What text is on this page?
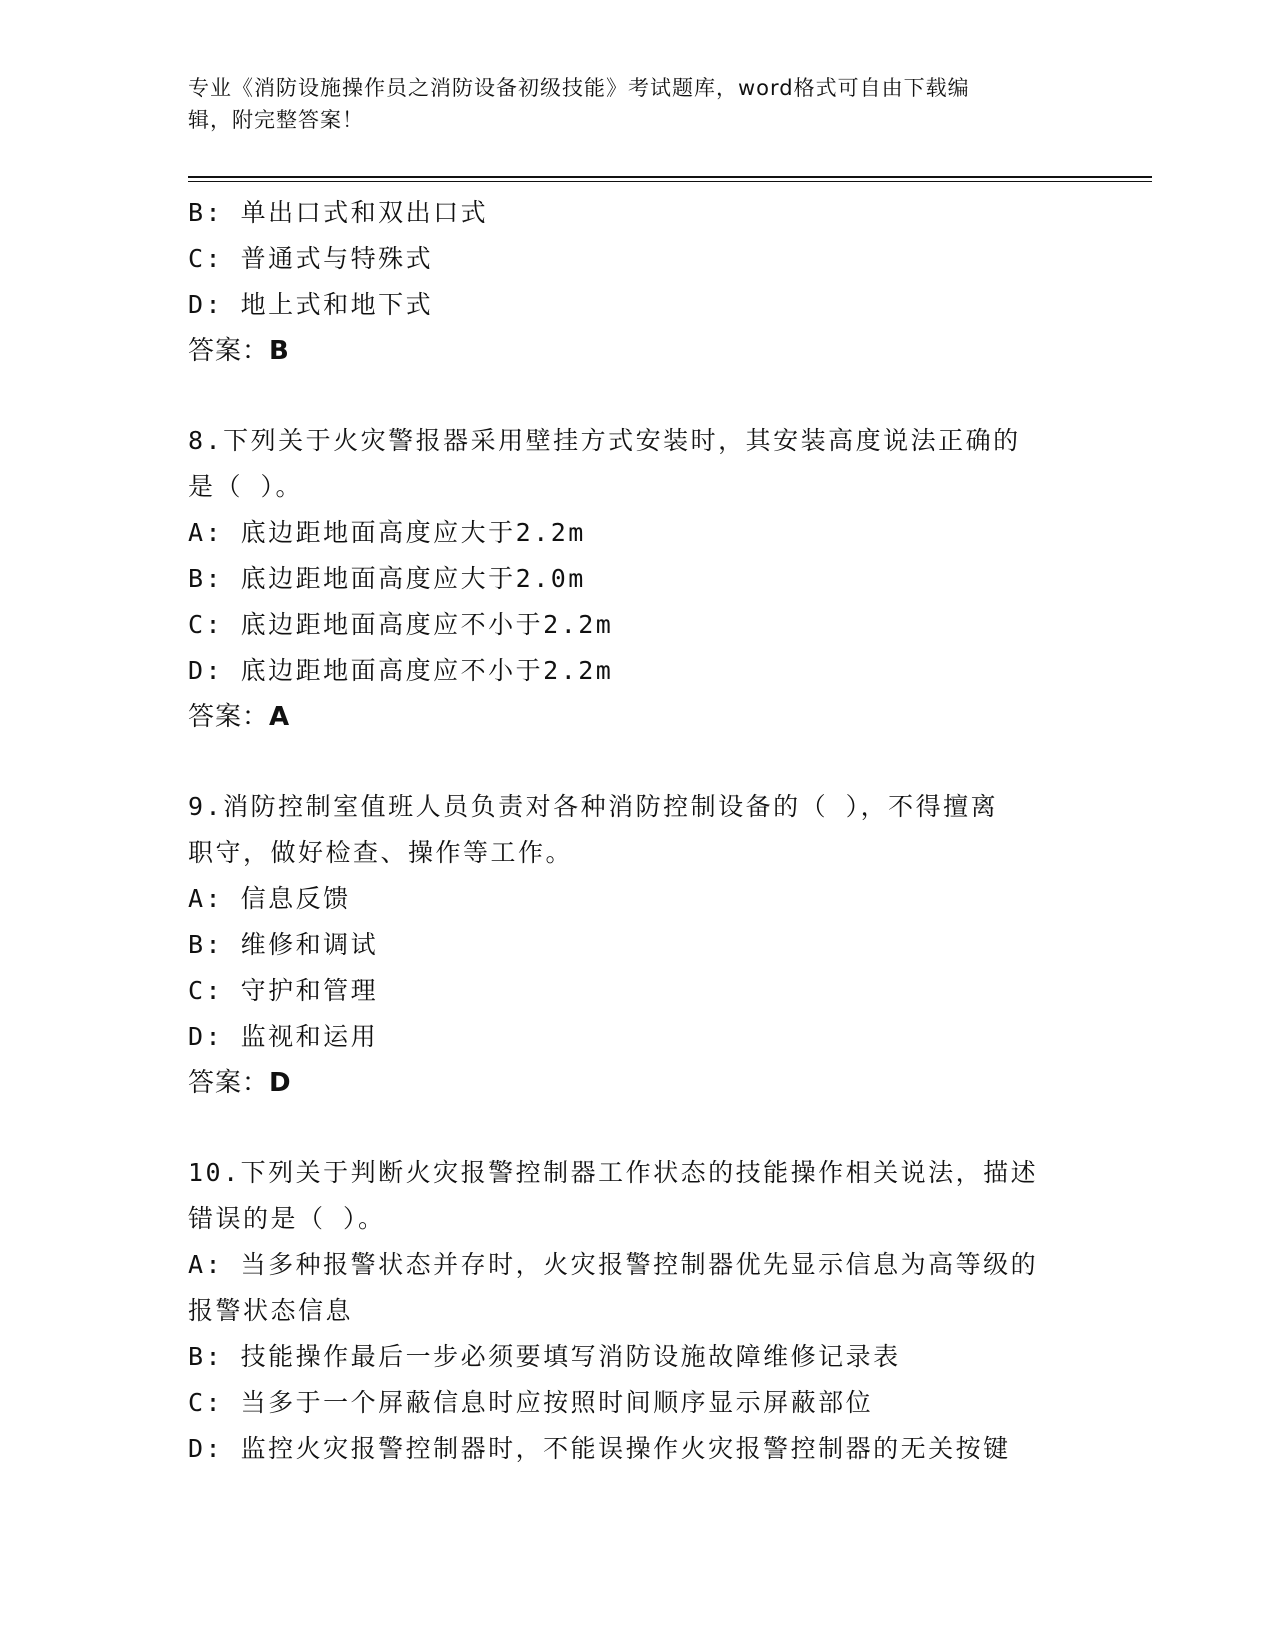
专业《消防设施操作员之消防设备初级技能》考试题库，word格式可自由下载编
辑，附完整答案！
B: 单出口式和双出口式
C: 普通式与特殊式
D: 地上式和地下式
答案：B
8.下列关于火灾警报器采用壁挂方式安装时，其安装高度说法正确的
是（ ）。
A: 底边距地面高度应大于2.2m
B: 底边距地面高度应大于2.0m
C: 底边距地面高度应不小于2.2m
D: 底边距地面高度应不小于2.2m
答案：A
9.消防控制室值班人员负责对各种消防控制设备的（ ），不得擅离
职守，做好检查、操作等工作。
A: 信息反馈
B: 维修和调试
C: 守护和管理
D: 监视和运用
答案：D
10.下列关于判断火灾报警控制器工作状态的技能操作相关说法，描述
错误的是（ ）。
A: 当多种报警状态并存时，火灾报警控制器优先显示信息为高等级的
报警状态信息
B: 技能操作最后一步必须要填写消防设施故障维修记录表
C: 当多于一个屏蔽信息时应按照时间顺序显示屏蔽部位
D: 监控火灾报警控制器时，不能误操作火灾报警控制器的无关按键
